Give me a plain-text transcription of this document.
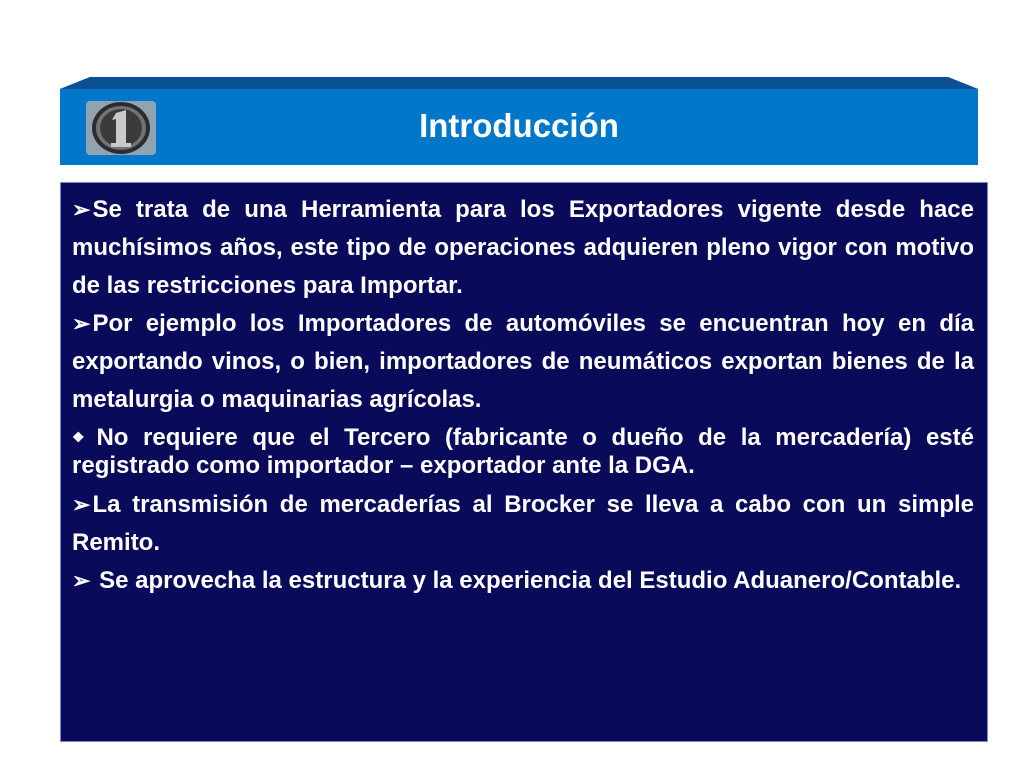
Introducción

➢Se trata de una Herramienta para los Exportadores vigente desde hace muchísimos años, este tipo de operaciones adquieren pleno vigor con motivo de las restricciones para Importar.

➢Por ejemplo los Importadores de automóviles se encuentran hoy en día exportando vinos, o bien, importadores de neumáticos exportan bienes de la metalurgia o maquinarias agrícolas.

❖ No requiere que el Tercero (fabricante o dueño de la mercadería) esté registrado como importador – exportador ante la DGA.

➢La transmisión de mercaderías al Brocker se lleva a cabo con un simple Remito.

➢ Se aprovecha la estructura y la experiencia del Estudio Aduanero/Contable.
